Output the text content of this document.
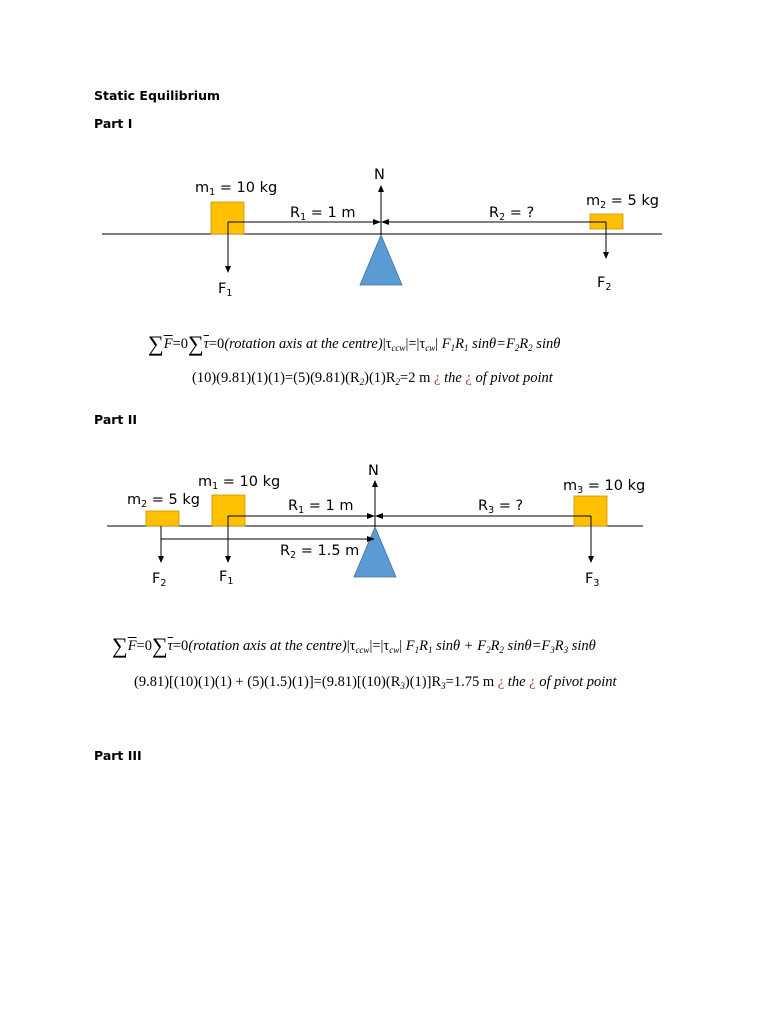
Static Equilibrium
Part I
$m_1 = 10$ kg
$m_2 = 5$ kg
$R_1 = 1$ m	$R_2$ = ?
N
$F_1$
$F_2$
$\sum\overline{F}=0\sum\overline{\tau}=0(rotation$ axis at the $centre)|\tau_{ccw}|=|\tau_{cw}|$ $F_1R_1$ $\sin\theta=F_2R_2$ sinθ
$(10)(9.81)(1)(1)=(5)(9.81)(R_2)(1)R_2=2$ m ¿ the ¿ of pivot point
Part II
$m_2 = 5$ kg
$m_1 = 10$ kg	$m_3 = 10$ kg
$R_1 = 1$ m	$R_3$ = ?
$R_2 = 1.5$ m
N
$F_2$	$F_1$	$F_3$
$\sum\overline{F}=0\sum\overline{\tau}=0(rotation$ axis at the $centre)|\tau_{ccw}|=|\tau_{cw}|$ $F_1R_1$ $\sin\theta + F_2R_2$ $\sin\theta=F_3R_3$ sinθ
$(9.81)[(10)(1)(1) + (5)(1.5)(1)]=(9.81)[(10)(R_3)(1)]R_3=1.75$ m ¿ the ¿ of pivot point
Part III
